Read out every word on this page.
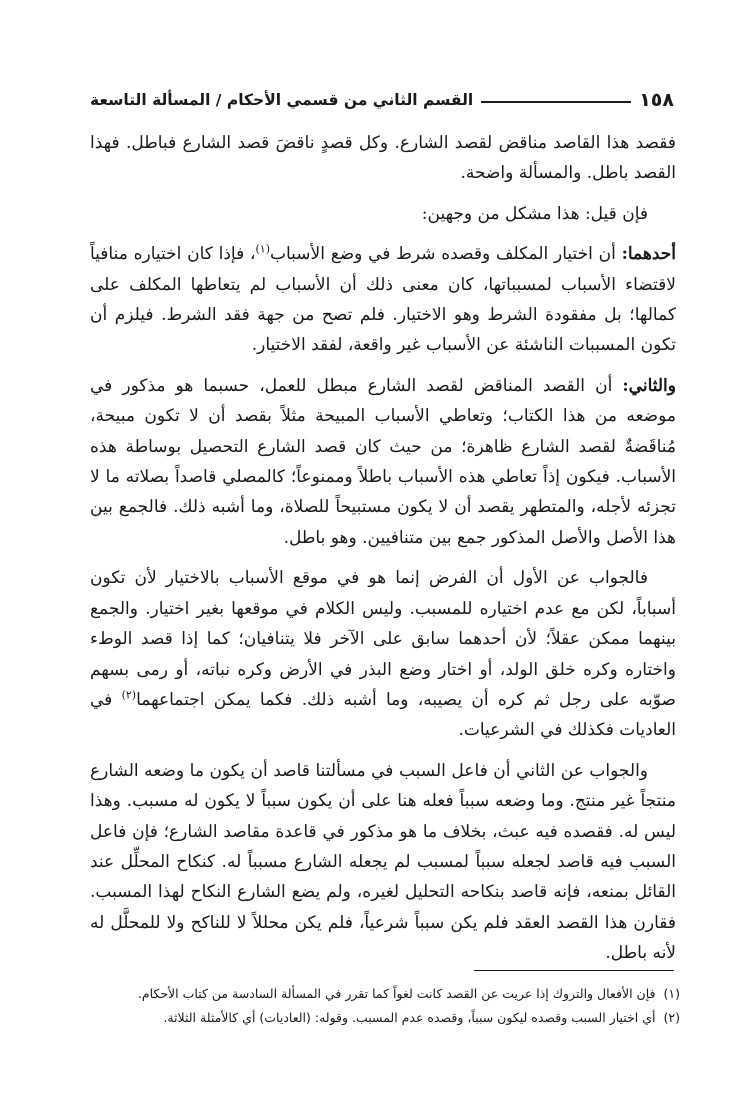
١٥٨
القسم الثاني من قسمي الأحكام / المسألة التاسعة

فقصد هذا القاصد مناقض لقصد الشارع. وكل قصدٍ ناقضَ قصد الشارع فباطل. فهذا القصد باطل. والمسألة واضحة.

فإن قيل: هذا مشكل من وجهين:

أحدهما: أن اختيار المكلف وقصده شرط في وضع الأسباب$^{(١)}$، فإذا كان اختياره منافياً لاقتضاء الأسباب لمسبباتها، كان معنى ذلك أن الأسباب لم يتعاطها المكلف على كمالها؛ بل مفقودة الشرط وهو الاختيار. فلم تصح من جهة فقد الشرط. فيلزم أن تكون المسببات الناشئة عن الأسباب غير واقعة، لفقد الاختيار.

والثاني: أن القصد المناقض لقصد الشارع مبطل للعمل، حسبما هو مذكور في موضعه من هذا الكتاب؛ وتعاطي الأسباب المبيحة مثلاً بقصد أن لا تكون مبيحة، مُناقَضةٌ لقصد الشارع ظاهرة؛ من حيث كان قصد الشارع التحصيل بوساطة هذه الأسباب. فيكون إذاً تعاطي هذه الأسباب باطلاً وممنوعاً؛ كالمصلي قاصداً بصلاته ما لا تجزئه لأجله، والمتطهر يقصد أن لا يكون مستبيحاً للصلاة، وما أشبه ذلك. فالجمع بين هذا الأصل والأصل المذكور جمع بين متنافيين. وهو باطل.

فالجواب عن الأول أن الفرض إنما هو في موقع الأسباب بالاختيار لأن تكون أسباباً، لكن مع عدم اختياره للمسبب. وليس الكلام في موقعها بغير اختيار. والجمع بينهما ممكن عقلاً؛ لأن أحدهما سابق على الآخر فلا يتنافيان؛ كما إذا قصد الوطء واختاره وكره خلق الولد، أو اختار وضع البذر في الأرض وكره نباته، أو رمى بسهم صوّبه على رجل ثم كره أن يصيبه، وما أشبه ذلك. فكما يمكن اجتماعهما$^{(٢)}$ في العاديات فكذلك في الشرعيات.

والجواب عن الثاني أن فاعل السبب في مسألتنا قاصد أن يكون ما وضعه الشارع منتجاً غير منتج. وما وضعه سبباً فعله هنا على أن يكون سبباً لا يكون له مسبب. وهذا ليس له. فقصده فيه عبث، بخلاف ما هو مذكور في قاعدة مقاصد الشارع؛ فإن فاعل السبب فيه قاصد لجعله سبباً لمسبب لم يجعله الشارع مسبباً له. كنكاح المحلِّل عند القائل بمنعه، فإنه قاصد بنكاحه التحليل لغيره، ولم يضع الشارع النكاح لهذا المسبب. فقارن هذا القصد العقد فلم يكن سبباً شرعياً، فلم يكن محللاً لا للناكح ولا للمحلَّل له لأنه باطل.

(١)فإن الأفعال والتروك إذا عريت عن القصد كانت لغواً كما تقرر في المسألة السادسة من كتاب الأحكام.

(٢)أي اختيار السبب وقصده ليكون سبباً، وقصده عدم المسبب. وقوله: (العاديات) أي كالأمثلة الثلاثة.
